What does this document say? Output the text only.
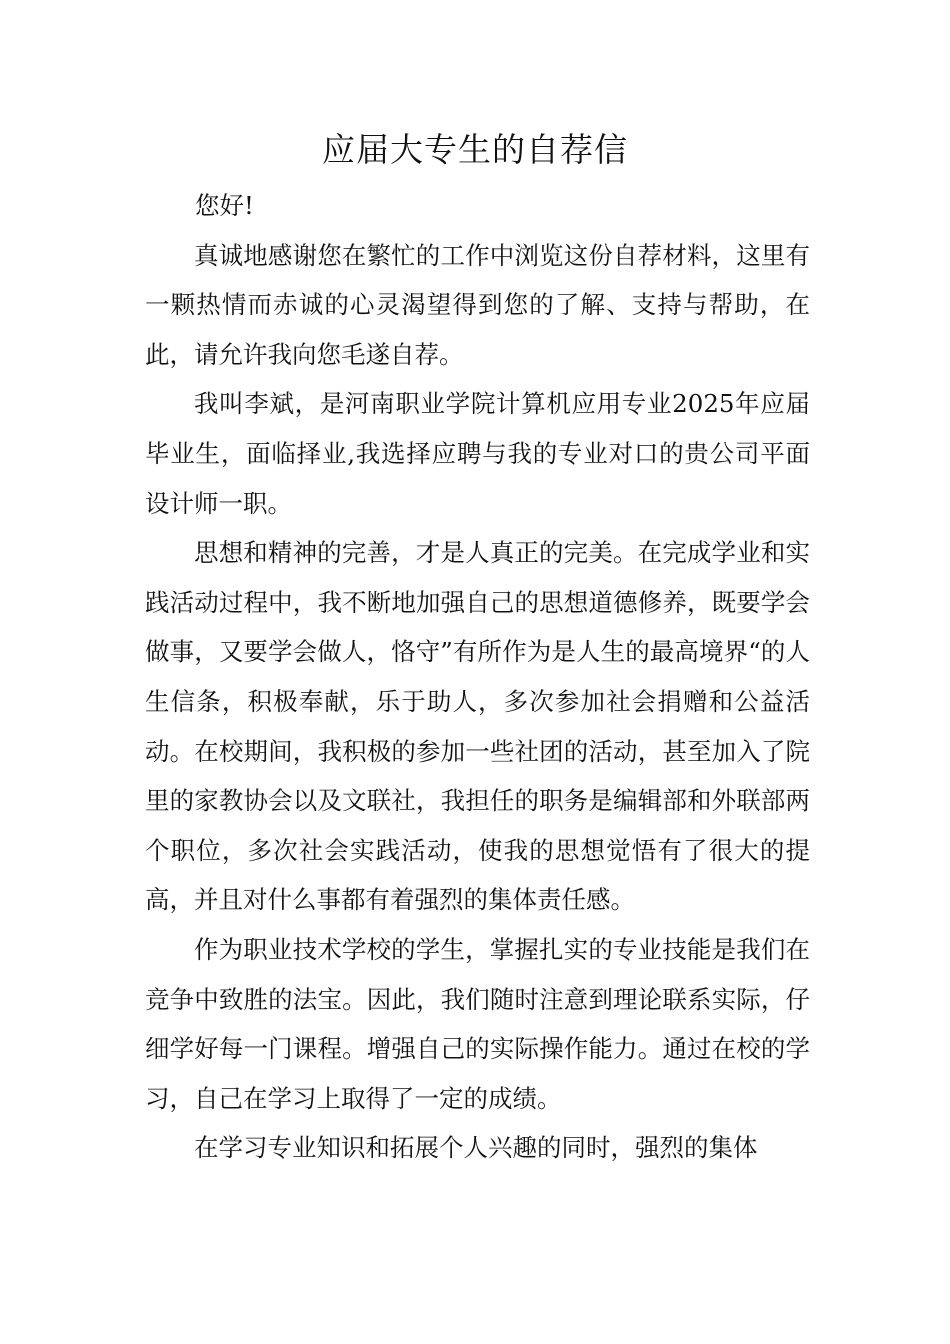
应届大专生的自荐信

您好!

真诚地感谢您在繁忙的工作中浏览这份自荐材料，这里有一颗热情而赤诚的心灵渴望得到您的了解、支持与帮助，在此，请允许我向您毛遂自荐。

我叫李斌，是河南职业学院计算机应用专业2025年应届毕业生，面临择业,我选择应聘与我的专业对口的贵公司平面设计师一职。

思想和精神的完善，才是人真正的完美。在完成学业和实践活动过程中，我不断地加强自己的思想道德修养，既要学会做事，又要学会做人，恪守”有所作为是人生的最高境界“的人生信条，积极奉献，乐于助人，多次参加社会捐赠和公益活动。在校期间，我积极的参加一些社团的活动，甚至加入了院里的家教协会以及文联社，我担任的职务是编辑部和外联部两个职位，多次社会实践活动，使我的思想觉悟有了很大的提高，并且对什么事都有着强烈的集体责任感。

作为职业技术学校的学生，掌握扎实的专业技能是我们在竞争中致胜的法宝。因此，我们随时注意到理论联系实际，仔细学好每一门课程。增强自己的实际操作能力。通过在校的学习，自己在学习上取得了一定的成绩。

在学习专业知识和拓展个人兴趣的同时，强烈的集体
